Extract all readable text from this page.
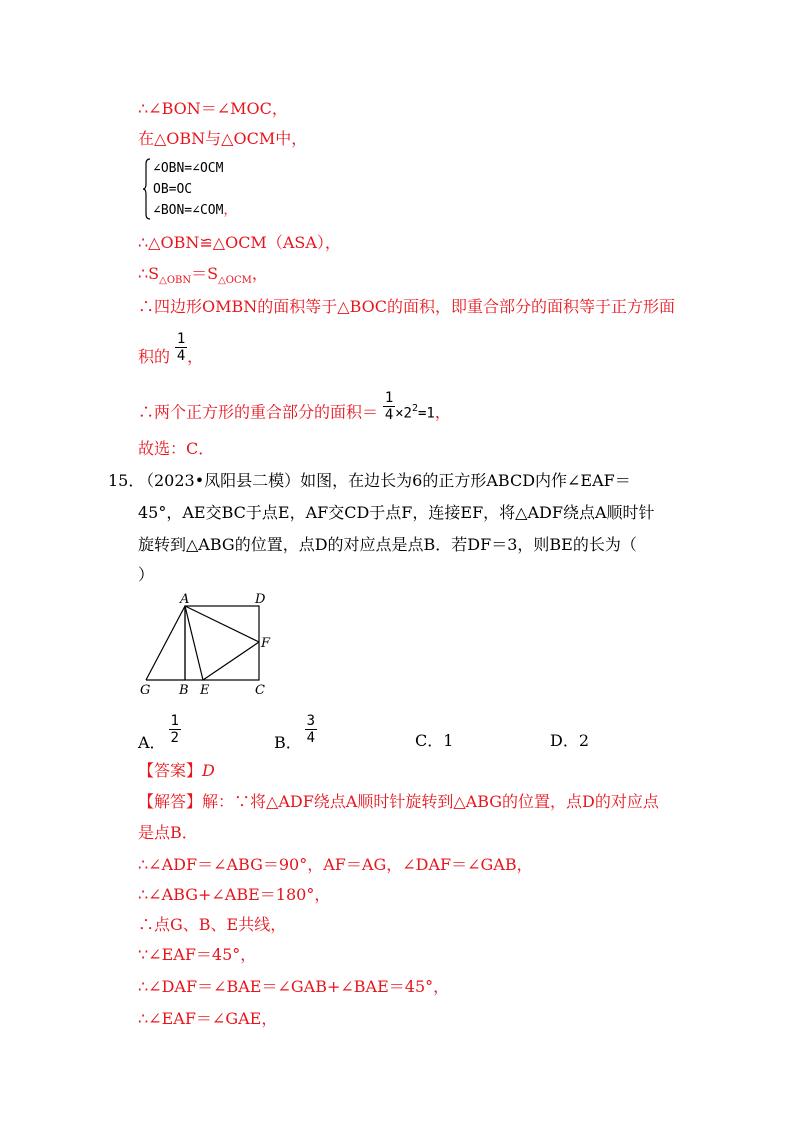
∴∠BON＝∠MOC，
在△OBN与△OCM中，
∠OBN=∠OCM
OB=OC
∠BON=∠COM，
∴△OBN≌△OCM（ASA），
$\therefore S_{\triangle OBN}=S_{\triangle OCM}$，
∴四边形OMBN的面积等于△BOC的面积，即重合部分的面积等于正方形面
积的 $\frac{1}{4}$ ，
∴两个正方形的重合部分的面积＝ $\frac{1}{4} \times 2^2=1$，
故选：C．
15．
（2023•凤阳县二模）如图，在边长为6的正方形ABCD内作∠EAF＝
45°，AE交BC于点E，AF交CD于点F，连接EF，将△ADF绕点A顺时针
旋转到△ABG的位置，点D的对应点是点B．若DF＝3，则BE的长为（
）
A	D
F
G B E	C
A． $\frac{1}{2}$	B． $\frac{3}{4}$	C．1	D．2
【答案】D
【解答】解：∵将△ADF绕点A顺时针旋转到△ABG的位置，点D的对应点
是点B．
∴∠ADF＝∠ABG＝90°，AF＝AG，∠DAF＝∠GAB，
∴∠ABG+∠ABE＝180°，
∴点G、B、E共线，
∵∠EAF＝45°，
∴∠DAF＝∠BAE＝∠GAB+∠BAE＝45°，
∴∠EAF＝∠GAE，
